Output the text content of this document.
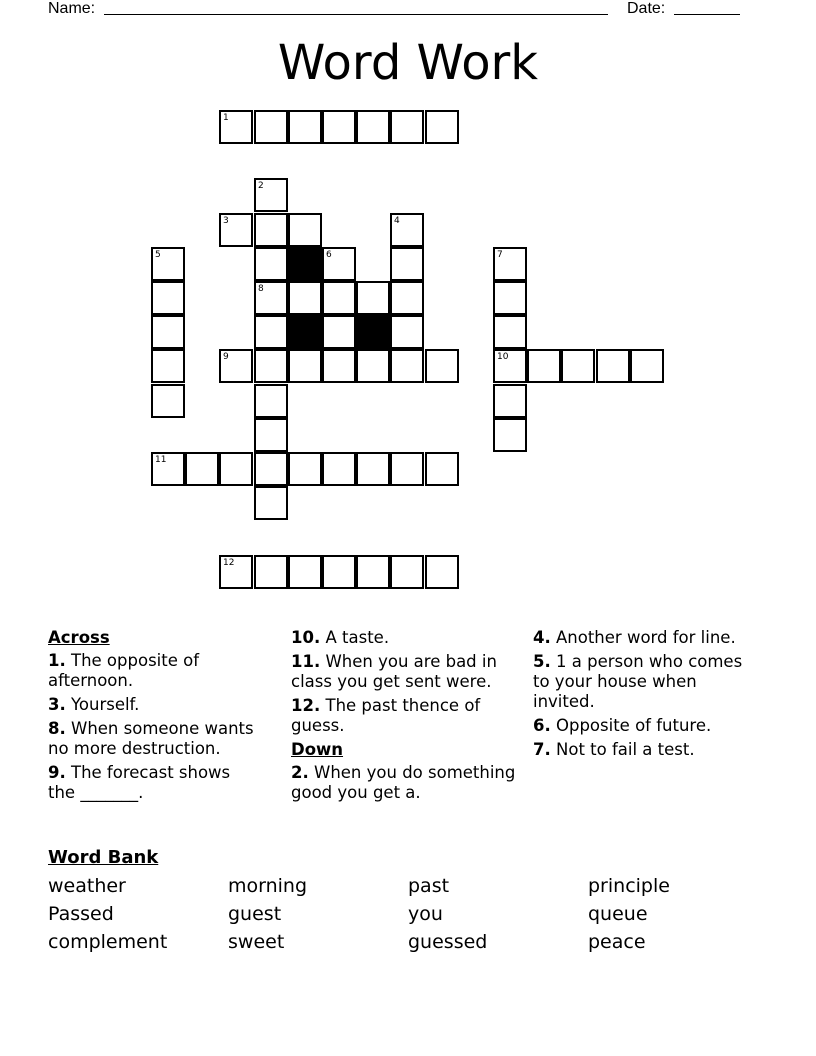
Name:	Date:
Word Work
1
2
3	4
5	6	7
8
9	10
11
12
Across
1. The opposite of afternoon.
3. Yourself.
8. When someone wants no more destruction.
9. The forecast shows the _______.
10. A taste.
11. When you are bad in class you get sent were.
12. The past thence of guess.
Down
2. When you do something good you get a.
4. Another word for line.
5. 1 a person who comes to your house when invited.
6. Opposite of future.
7. Not to fail a test.
Word Bank
weather	morning	past	principle
Passed	guest	you	queue
complement	sweet	guessed	peace
